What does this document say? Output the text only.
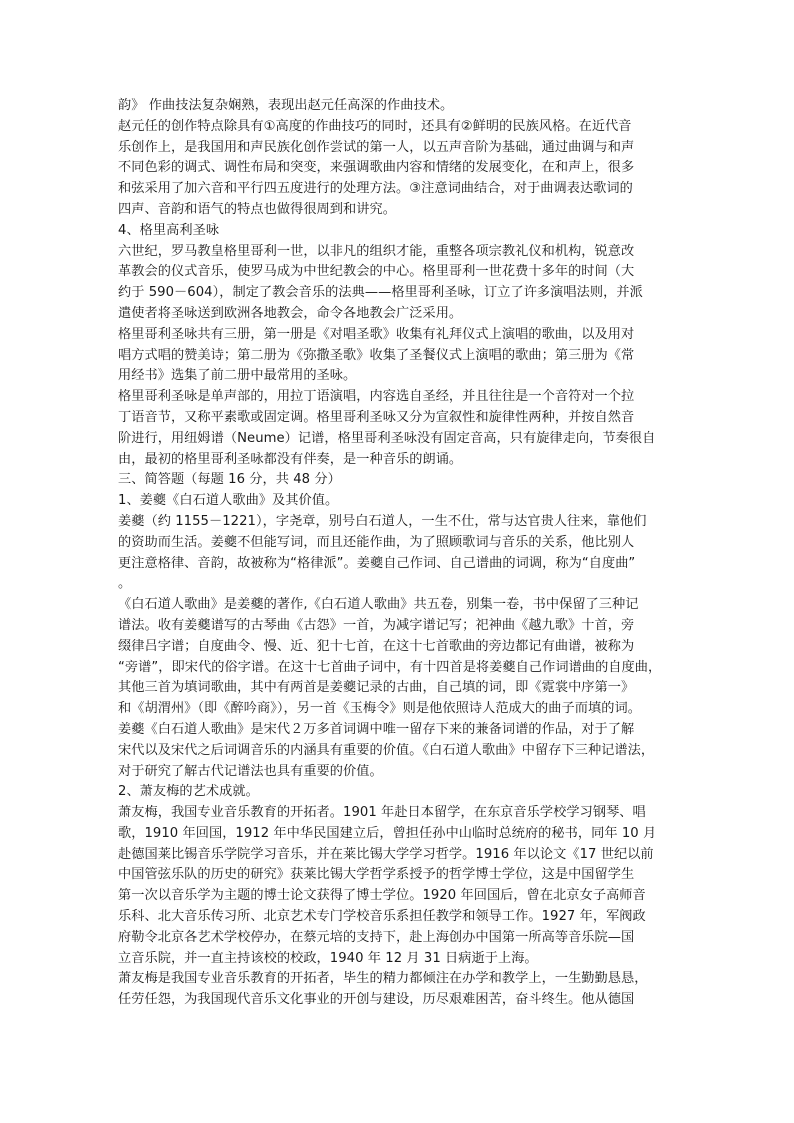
韵》 作曲技法复杂娴熟，表现出赵元任高深的作曲技术。
赵元任的创作特点除具有①高度的作曲技巧的同时，还具有②鲜明的民族风格。在近代音
乐创作上，是我国用和声民族化创作尝试的第一人，以五声音阶为基础，通过曲调与和声
不同色彩的调式、调性布局和突变，来强调歌曲内容和情绪的发展变化，在和声上，很多
和弦采用了加六音和平行四五度进行的处理方法。③注意词曲结合，对于曲调表达歌词的
四声、音韵和语气的特点也做得很周到和讲究。
4、格里高利圣咏
六世纪，罗马教皇格里哥利一世，以非凡的组织才能，重整各项宗教礼仪和机构，锐意改
革教会的仪式音乐，使罗马成为中世纪教会的中心。格里哥利一世花费十多年的时间（大
约于 590－604），制定了教会音乐的法典——格里哥利圣咏，订立了许多演唱法则，并派
遣使者将圣咏送到欧洲各地教会，命令各地教会广泛采用。
格里哥利圣咏共有三册，第一册是《对唱圣歌》收集有礼拜仪式上演唱的歌曲，以及用对
唱方式唱的赞美诗；第二册为《弥撒圣歌》收集了圣餐仪式上演唱的歌曲；第三册为《常
用经书》选集了前二册中最常用的圣咏。
格里哥利圣咏是单声部的，用拉丁语演唱，内容选自圣经，并且往往是一个音符对一个拉
丁语音节，又称平素歌或固定调。格里哥利圣咏又分为宣叙性和旋律性两种，并按自然音
阶进行，用纽姆谱（Neume）记谱，格里哥利圣咏没有固定音高，只有旋律走向，节奏很自
由，最初的格里哥利圣咏都没有伴奏，是一种音乐的朗诵。
三、简答题（每题 16 分，共 48 分）
1、姜夔《白石道人歌曲》及其价值。
姜夔（约 1155－1221），字尧章，别号白石道人，一生不仕，常与达官贵人往来，靠他们
的资助而生活。姜夔不但能写词，而且还能作曲，为了照顾歌词与音乐的关系，他比别人
更注意格律、音韵，故被称为“格律派”。姜夔自己作词、自己谱曲的词调，称为“自度曲”
。
《白石道人歌曲》是姜夔的著作,《白石道人歌曲》共五卷，别集一卷，书中保留了三种记
谱法。收有姜夔谱写的古琴曲《古怨》一首，为减字谱记写；祀神曲《越九歌》十首，旁
缀律吕字谱；自度曲令、慢、近、犯十七首，在这十七首歌曲的旁边都记有曲谱，被称为
“旁谱”，即宋代的俗字谱。在这十七首曲子词中，有十四首是将姜夔自己作词谱曲的自度曲，
其他三首为填词歌曲，其中有两首是姜夔记录的古曲，自己填的词，即《霓裳中序第一》
和《胡渭州》（即《醉吟商》），另一首《玉梅令》则是他依照诗人范成大的曲子而填的词。
姜夔《白石道人歌曲》是宋代２万多首词调中唯一留存下来的兼备词谱的作品，对于了解
宋代以及宋代之后词调音乐的内涵具有重要的价值。《白石道人歌曲》中留存下三种记谱法，
对于研究了解古代记谱法也具有重要的价值。
2、萧友梅的艺术成就。
萧友梅，我国专业音乐教育的开拓者。1901 年赴日本留学，在东京音乐学校学习钢琴、唱
歌，1910 年回国，1912 年中华民国建立后，曾担任孙中山临时总统府的秘书，同年 10 月
赴德国莱比锡音乐学院学习音乐，并在莱比锡大学学习哲学。1916 年以论文《17 世纪以前
中国管弦乐队的历史的研究》获莱比锡大学哲学系授予的哲学博士学位，这是中国留学生
第一次以音乐学为主题的博士论文获得了博士学位。1920 年回国后，曾在北京女子高师音
乐科、北大音乐传习所、北京艺术专门学校音乐系担任教学和领导工作。1927 年，军阀政
府勒令北京各艺术学校停办，在蔡元培的支持下，赴上海创办中国第一所高等音乐院—国
立音乐院，并一直主持该校的校政，1940 年 12 月 31 日病逝于上海。
萧友梅是我国专业音乐教育的开拓者，毕生的精力都倾注在办学和教学上，一生勤勤恳恳，
任劳任怨，为我国现代音乐文化事业的开创与建设，历尽艰难困苦，奋斗终生。他从德国
